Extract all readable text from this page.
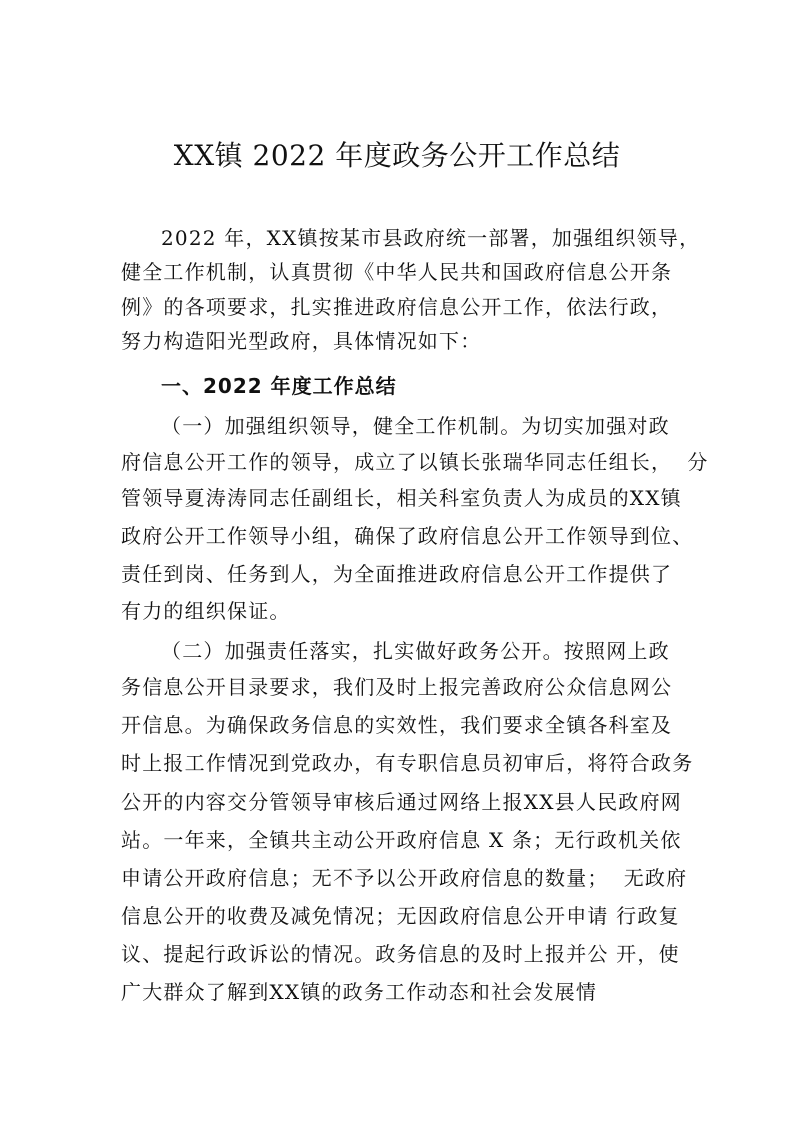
XX镇 2022 年度政务公开工作总结
2022 年，XX镇按某市县政府统一部署，加强组织领导，
健全工作机制，认真贯彻《中华人民共和国政府信息公开条
例》的各项要求，扎实推进政府信息公开工作，依法行政，
努力构造阳光型政府，具体情况如下：
一、2022 年度工作总结
（一）加强组织领导，健全工作机制。为切实加强对政
府信息公开工作的领导，成立了以镇长张瑞华同志任组长，  分
管领导夏涛涛同志任副组长，相关科室负责人为成员的XX镇
政府公开工作领导小组，确保了政府信息公开工作领导到位、
责任到岗、任务到人，为全面推进政府信息公开工作提供了
有力的组织保证。
（二）加强责任落实，扎实做好政务公开。按照网上政
务信息公开目录要求，我们及时上报完善政府公众信息网公
开信息。为确保政务信息的实效性，我们要求全镇各科室及
时上报工作情况到党政办，有专职信息员初审后，将符合政务
公开的内容交分管领导审核后通过网络上报XX县人民政府网
站。一年来，全镇共主动公开政府信息 X 条；无行政机关依
申请公开政府信息；无不予以公开政府信息的数量；  无政府
信息公开的收费及减免情况；无因政府信息公开申请 行政复
议、提起行政诉讼的情况。政务信息的及时上报并公 开，使
广大群众了解到XX镇的政务工作动态和社会发展情
